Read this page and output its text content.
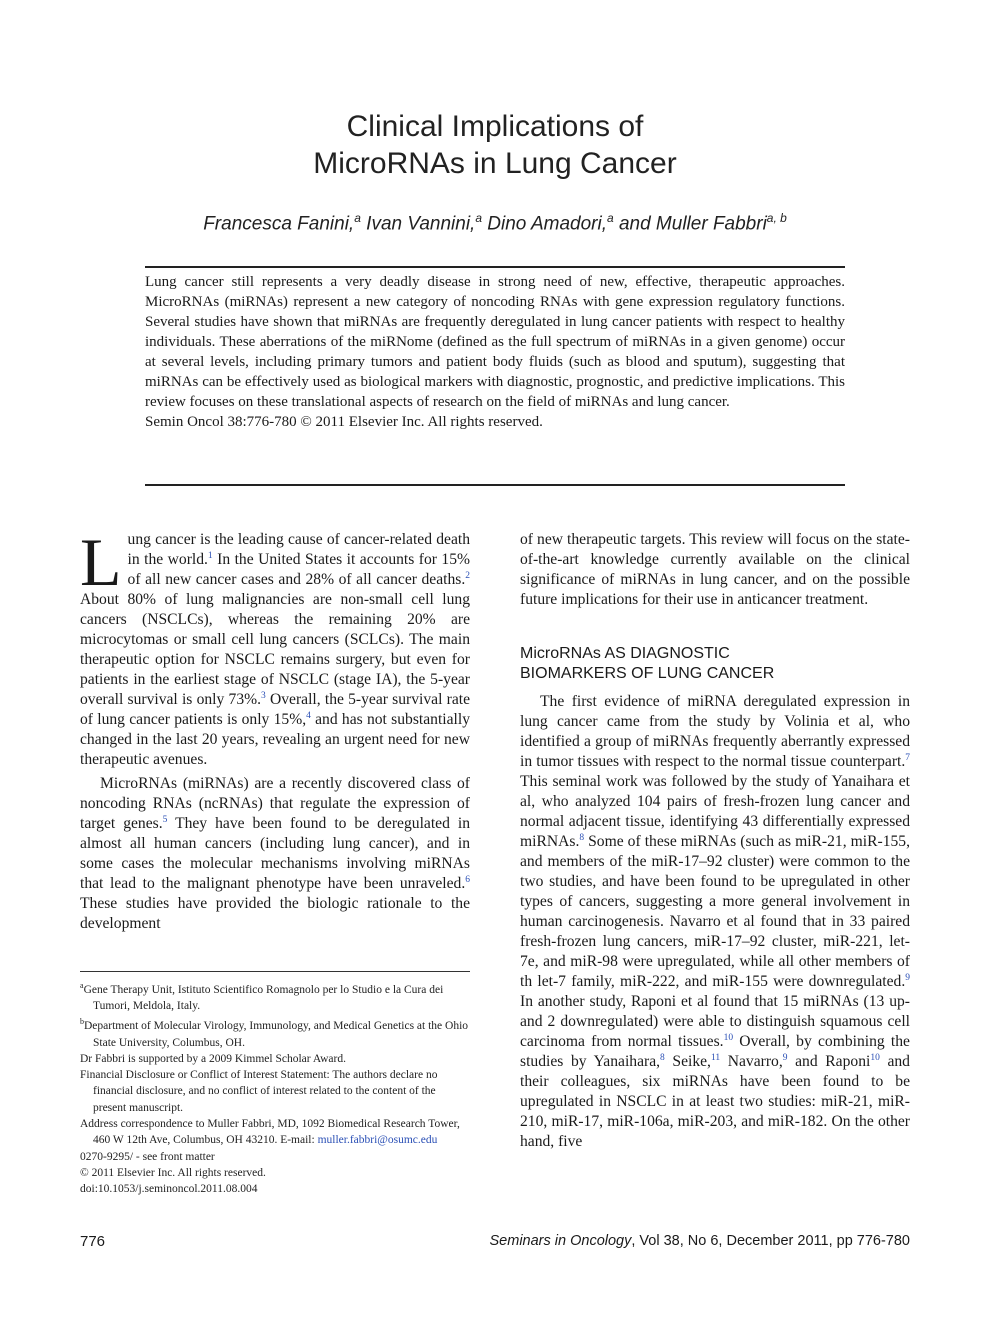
Clinical Implications of
MicroRNAs in Lung Cancer
Francesca Fanini,$^a$ Ivan Vannini,$^a$ Dino Amadori,$^a$ and Muller Fabbri$^{a, b}$

Lung cancer still represents a very deadly disease in strong need of new, effective, therapeutic approaches. MicroRNAs (miRNAs) represent a new category of noncoding RNAs with gene expression regulatory functions. Several studies have shown that miRNAs are frequently deregulated in lung cancer patients with respect to healthy individuals. These aberrations of the miRNome (defined as the full spectrum of miRNAs in a given genome) occur at several levels, including primary tumors and patient body fluids (such as blood and sputum), suggesting that miRNAs can be effectively used as biological markers with diagnostic, prognostic, and predictive implications. This review focuses on these translational aspects of research on the field of miRNAs and lung cancer.

Semin Oncol 38:776-780 © 2011 Elsevier Inc. All rights reserved.

Lung cancer is the leading cause of cancer-related death in the world.$^1$ In the United States it accounts for 15% of all new cancer cases and 28% of all cancer deaths.$^2$ About 80% of lung malignancies are non-small cell lung cancers (NSCLCs), whereas the remaining 20% are microcytomas or small cell lung cancers (SCLCs). The main therapeutic option for NSCLC remains surgery, but even for patients in the earliest stage of NSCLC (stage IA), the 5-year overall survival is only 73%.$^3$ Overall, the 5-year survival rate of lung cancer patients is only 15%,$^4$ and has not substantially changed in the last 20 years, revealing an urgent need for new therapeutic avenues.

MicroRNAs (miRNAs) are a recently discovered class of noncoding RNAs (ncRNAs) that regulate the expression of target genes.$^5$ They have been found to be deregulated in almost all human cancers (including lung cancer), and in some cases the molecular mechanisms involving miRNAs that lead to the malignant phenotype have been unraveled.$^6$ These studies have provided the biologic rationale to the development

$^a$Gene Therapy Unit, Istituto Scientifico Romagnolo per lo Studio e la Cura dei Tumori, Meldola, Italy.

$^b$Department of Molecular Virology, Immunology, and Medical Genetics at the Ohio State University, Columbus, OH.

Dr Fabbri is supported by a 2009 Kimmel Scholar Award.

Financial Disclosure or Conflict of Interest Statement: The authors declare no financial disclosure, and no conflict of interest related to the content of the present manuscript.

Address correspondence to Muller Fabbri, MD, 1092 Biomedical Research Tower, 460 W 12th Ave, Columbus, OH 43210. E-mail: muller.fabbri@osumc.edu

0270-9295/ - see front matter

© 2011 Elsevier Inc. All rights reserved.

doi:10.1053/j.seminoncol.2011.08.004

of new therapeutic targets. This review will focus on the state-of-the-art knowledge currently available on the clinical significance of miRNAs in lung cancer, and on the possible future implications for their use in anticancer treatment.

MicroRNAs AS DIAGNOSTIC
BIOMARKERS OF LUNG CANCER

The first evidence of miRNA deregulated expression in lung cancer came from the study by Volinia et al, who identified a group of miRNAs frequently aberrantly expressed in tumor tissues with respect to the normal tissue counterpart.$^7$ This seminal work was followed by the study of Yanaihara et al, who analyzed 104 pairs of fresh-frozen lung cancer and normal adjacent tissue, identifying 43 differentially expressed miRNAs.$^8$ Some of these miRNAs (such as miR-21, miR-155, and members of the miR-17–92 cluster) were common to the two studies, and have been found to be upregulated in other types of cancers, suggesting a more general involvement in human carcinogenesis. Navarro et al found that in 33 paired fresh-frozen lung cancers, miR-17–92 cluster, miR-221, let-7e, and miR-98 were upregulated, while all other members of th let-7 family, miR-222, and miR-155 were downregulated.$^9$ In another study, Raponi et al found that 15 miRNAs (13 up- and 2 downregulated) were able to distinguish squamous cell carcinoma from normal tissues.$^{10}$ Overall, by combining the studies by Yanaihara,$^8$ Seike,$^{11}$ Navarro,$^9$ and Raponi$^{10}$ and their colleagues, six miRNAs have been found to be upregulated in NSCLC in at least two studies: miR-21, miR-210, miR-17, miR-106a, miR-203, and miR-182. On the other hand, five

776	Seminars in Oncology, Vol 38, No 6, December 2011, pp 776-780
